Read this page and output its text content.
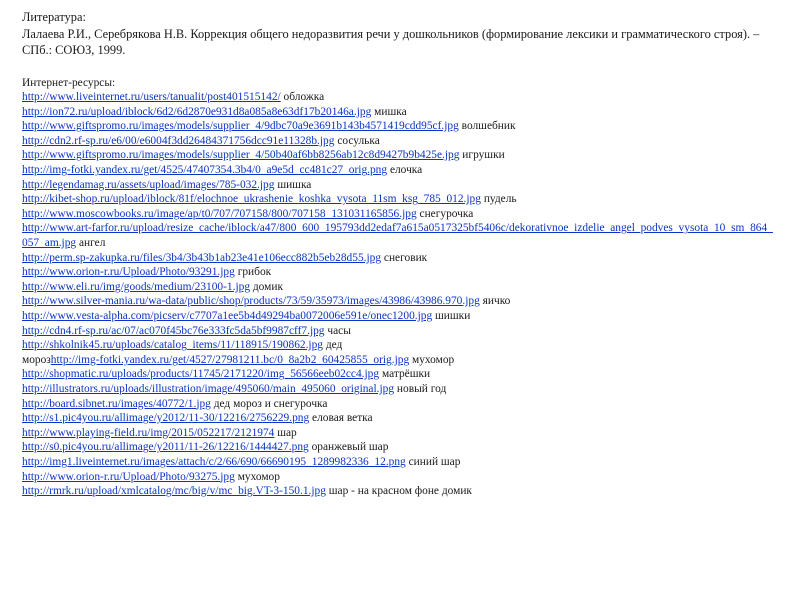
Литература:
Лалаева Р.И., Серебрякова Н.В. Коррекция общего недоразвития речи у дошкольников (формирование лексики и грамматического строя). – СПб.: СОЮЗ, 1999.
Интернет-ресурсы:
http://www.liveinternet.ru/users/tanualit/post401515142/ обложка
http://ion72.ru/upload/iblock/6d2/6d2870e931d8a085a8e63df17b20146a.jpg мишка
http://www.giftspromo.ru/images/models/supplier_4/9dbc70a9e3691b143b4571419cdd95cf.jpg волшебник
http://cdn2.rf-sp.ru/e6/00/e6004f3dd26484371756dcc91e11328b.jpg сосулька
http://www.giftspromo.ru/images/models/supplier_4/50b40af6bb8256ab12c8d9427b9b425e.jpg игрушки
http://img-fotki.yandex.ru/get/4525/47407354.3b4/0_a9e5d_cc481c27_orig.png елочка
http://legendamag.ru/assets/upload/images/785-032.jpg шишка
http://kibet-shop.ru/upload/iblock/81f/elochnoe_ukrashenie_koshka_vysota_11sm_ksg_785_012.jpg пудель
http://www.moscowbooks.ru/image/ap/t0/707/707158/800/707158_131031165856.jpg снегурочка
http://www.art-farfor.ru/upload/resize_cache/iblock/a47/800_600_195793dd2edaf7a615a0517325bf5406c/dekorativnoe_izdelie_angel_podves_vysota_10_sm_864_057_am.jpg ангел
http://perm.sp-zakupka.ru/files/3b4/3b43b1ab23e41e106ecc882b5eb28d55.jpg снеговик
http://www.orion-r.ru/Upload/Photo/93291.jpg грибок
http://www.eli.ru/img/goods/medium/23100-1.jpg домик
http://www.silver-mania.ru/wa-data/public/shop/products/73/59/35973/images/43986/43986.970.jpg яичко
http://www.vesta-alpha.com/picserv/c7707a1ee5b4d49294ba0072006e591e/onec1200.jpg шишки
http://cdn4.rf-sp.ru/ac/07/ac070f45bc76e333fc5da5bf9987cff7.jpg часы
http://shkolnik45.ru/uploads/catalog_items/11/118915/190862.jpg дед
морозhttp://img-fotki.yandex.ru/get/4527/27981211.bc/0_8a2b2_60425855_orig.jpg мухомор
http://shopmatic.ru/uploads/products/11745/2171220/img_56566eeb02cc4.jpg матрёшки
http://illustrators.ru/uploads/illustration/image/495060/main_495060_original.jpg новый год
http://board.sibnet.ru/images/40772/1.jpg дед мороз и снегурочка
http://s1.pic4you.ru/allimage/y2012/11-30/12216/2756229.png еловая ветка
http://www.playing-field.ru/img/2015/052217/2121974 шар
http://s0.pic4you.ru/allimage/y2011/11-26/12216/1444427.png оранжевый шар
http://img1.liveinternet.ru/images/attach/c/2/66/690/66690195_1289982336_12.png синий шар
http://www.orion-r.ru/Upload/Photo/93275.jpg мухомор
http://rmrk.ru/upload/xmlcatalog/mc/big/v/mc_big.VT-3-150.1.jpg шар - на красном фоне домик
